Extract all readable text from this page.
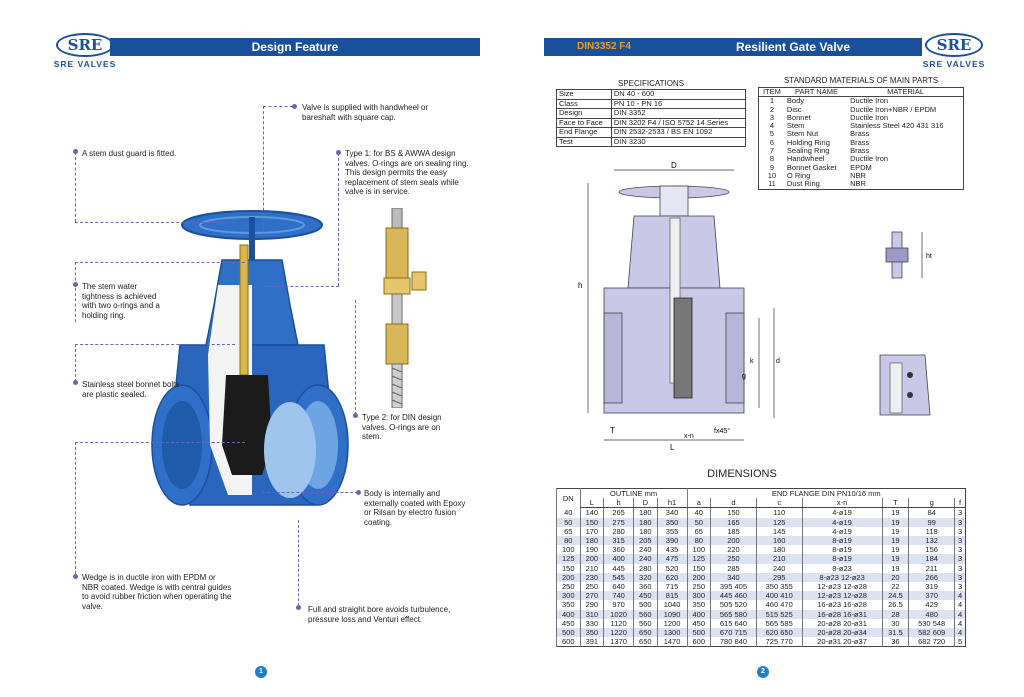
SRE
SRE VALVES
Design Feature
Valve is supplied with handwheel or bareshaft with square cap.
A stem dust guard is fitted.	Type 1: for BS & AWWA design valves. O-rings are on sealing ring. This design permits the easy replacement of stem seals while valve is in service.
The stem water tightness is achieved with two o-rings and a holding ring.
Stainless steel bonnet bolts are plastic sealed.
Type 2: for DIN design valves. O-rings are on stem.
Body is internally and externally coated with Epoxy or Rilsan by electro fusion coating.
Wedge is in ductile iron with EPDM or NBR coated. Wedge is with central guides to avoid rubber friction when operating the valve.	Full and straight bore avoids turbulence, pressure loss and Venturi effect.
1
DIN3352 F4	Resilient Gate Valve	SRE
SRE VALVES
SPECIFICATIONS
Size	DN 40 - 600
Class	PN 10 - PN 16
Design	DIN 3352
Face to Face	DIN 3202 F4 / ISO 5752 14 Series
End Flange	DIN 2532-2533 / BS EN 1092
Test	DIN 3230
STANDARD MATERIALS OF MAIN PARTS
ITEM	PART NAME	MATERIAL
1	Body	Ductile Iron
2	Disc	Ductile Iron+NBR / EPDM
3	Bonnet	Ductile Iron
4	Stem	Stainless Steel 420 431 316
5	Stem Nut	Brass
6	Holding Ring	Brass
7	Sealing Ring	Brass
8	Handwheel	Ductile Iron
9	Bonnet Gasket	EPDM
10	O Ring	NBR
11	Dust Ring	NBR
D
h
L
T
x-n
fx45°
k	d
g
ht
DIMENSIONS
DN	OUTLINE mm				END FLANGE DIN PN10/16 mm						
	L	h	D	h1	a	d	c	x-n	T	g	f
40	140	265	180	340	40	150	110	4-ø19	19	84	3
50	150	275	180	350	50	165	125	4-ø19	19	99	3
65	170	280	180	355	65	185	145	4-ø19	19	118	3
80	180	315	205	390	80	200	160	8-ø19	19	132	3
100	190	360	240	435	100	220	180	8-ø19	19	156	3
125	200	400	240	475	125	250	210	8-ø19	19	184	3
150	210	445	280	520	150	285	240	8-ø23	19	211	3
200	230	545	320	620	200	340	295	8-ø23 12-ø23	20	266	3
250	250	640	360	715	250	395 405	350 355	12-ø23 12-ø28	22	319	3
300	270	740	450	815	300	445 460	400 410	12-ø23 12-ø28	24.5	370	4
350	290	970	500	1040	350	505 520	460 470	16-ø23 16-ø28	26.5	429	4
400	310	1020	560	1090	400	565 580	515 525	16-ø28 16-ø31	28	480	4
450	330	1120	560	1200	450	615 640	565 585	20-ø28 20-ø31	30	530 548	4
500	350	1220	650	1300	500	670 715	620 650	20-ø28 20-ø34	31.5	582 609	4
600	391	1370	650	1470	600	780 840	725 770	20-ø31 20-ø37	36	682 720	5
2
